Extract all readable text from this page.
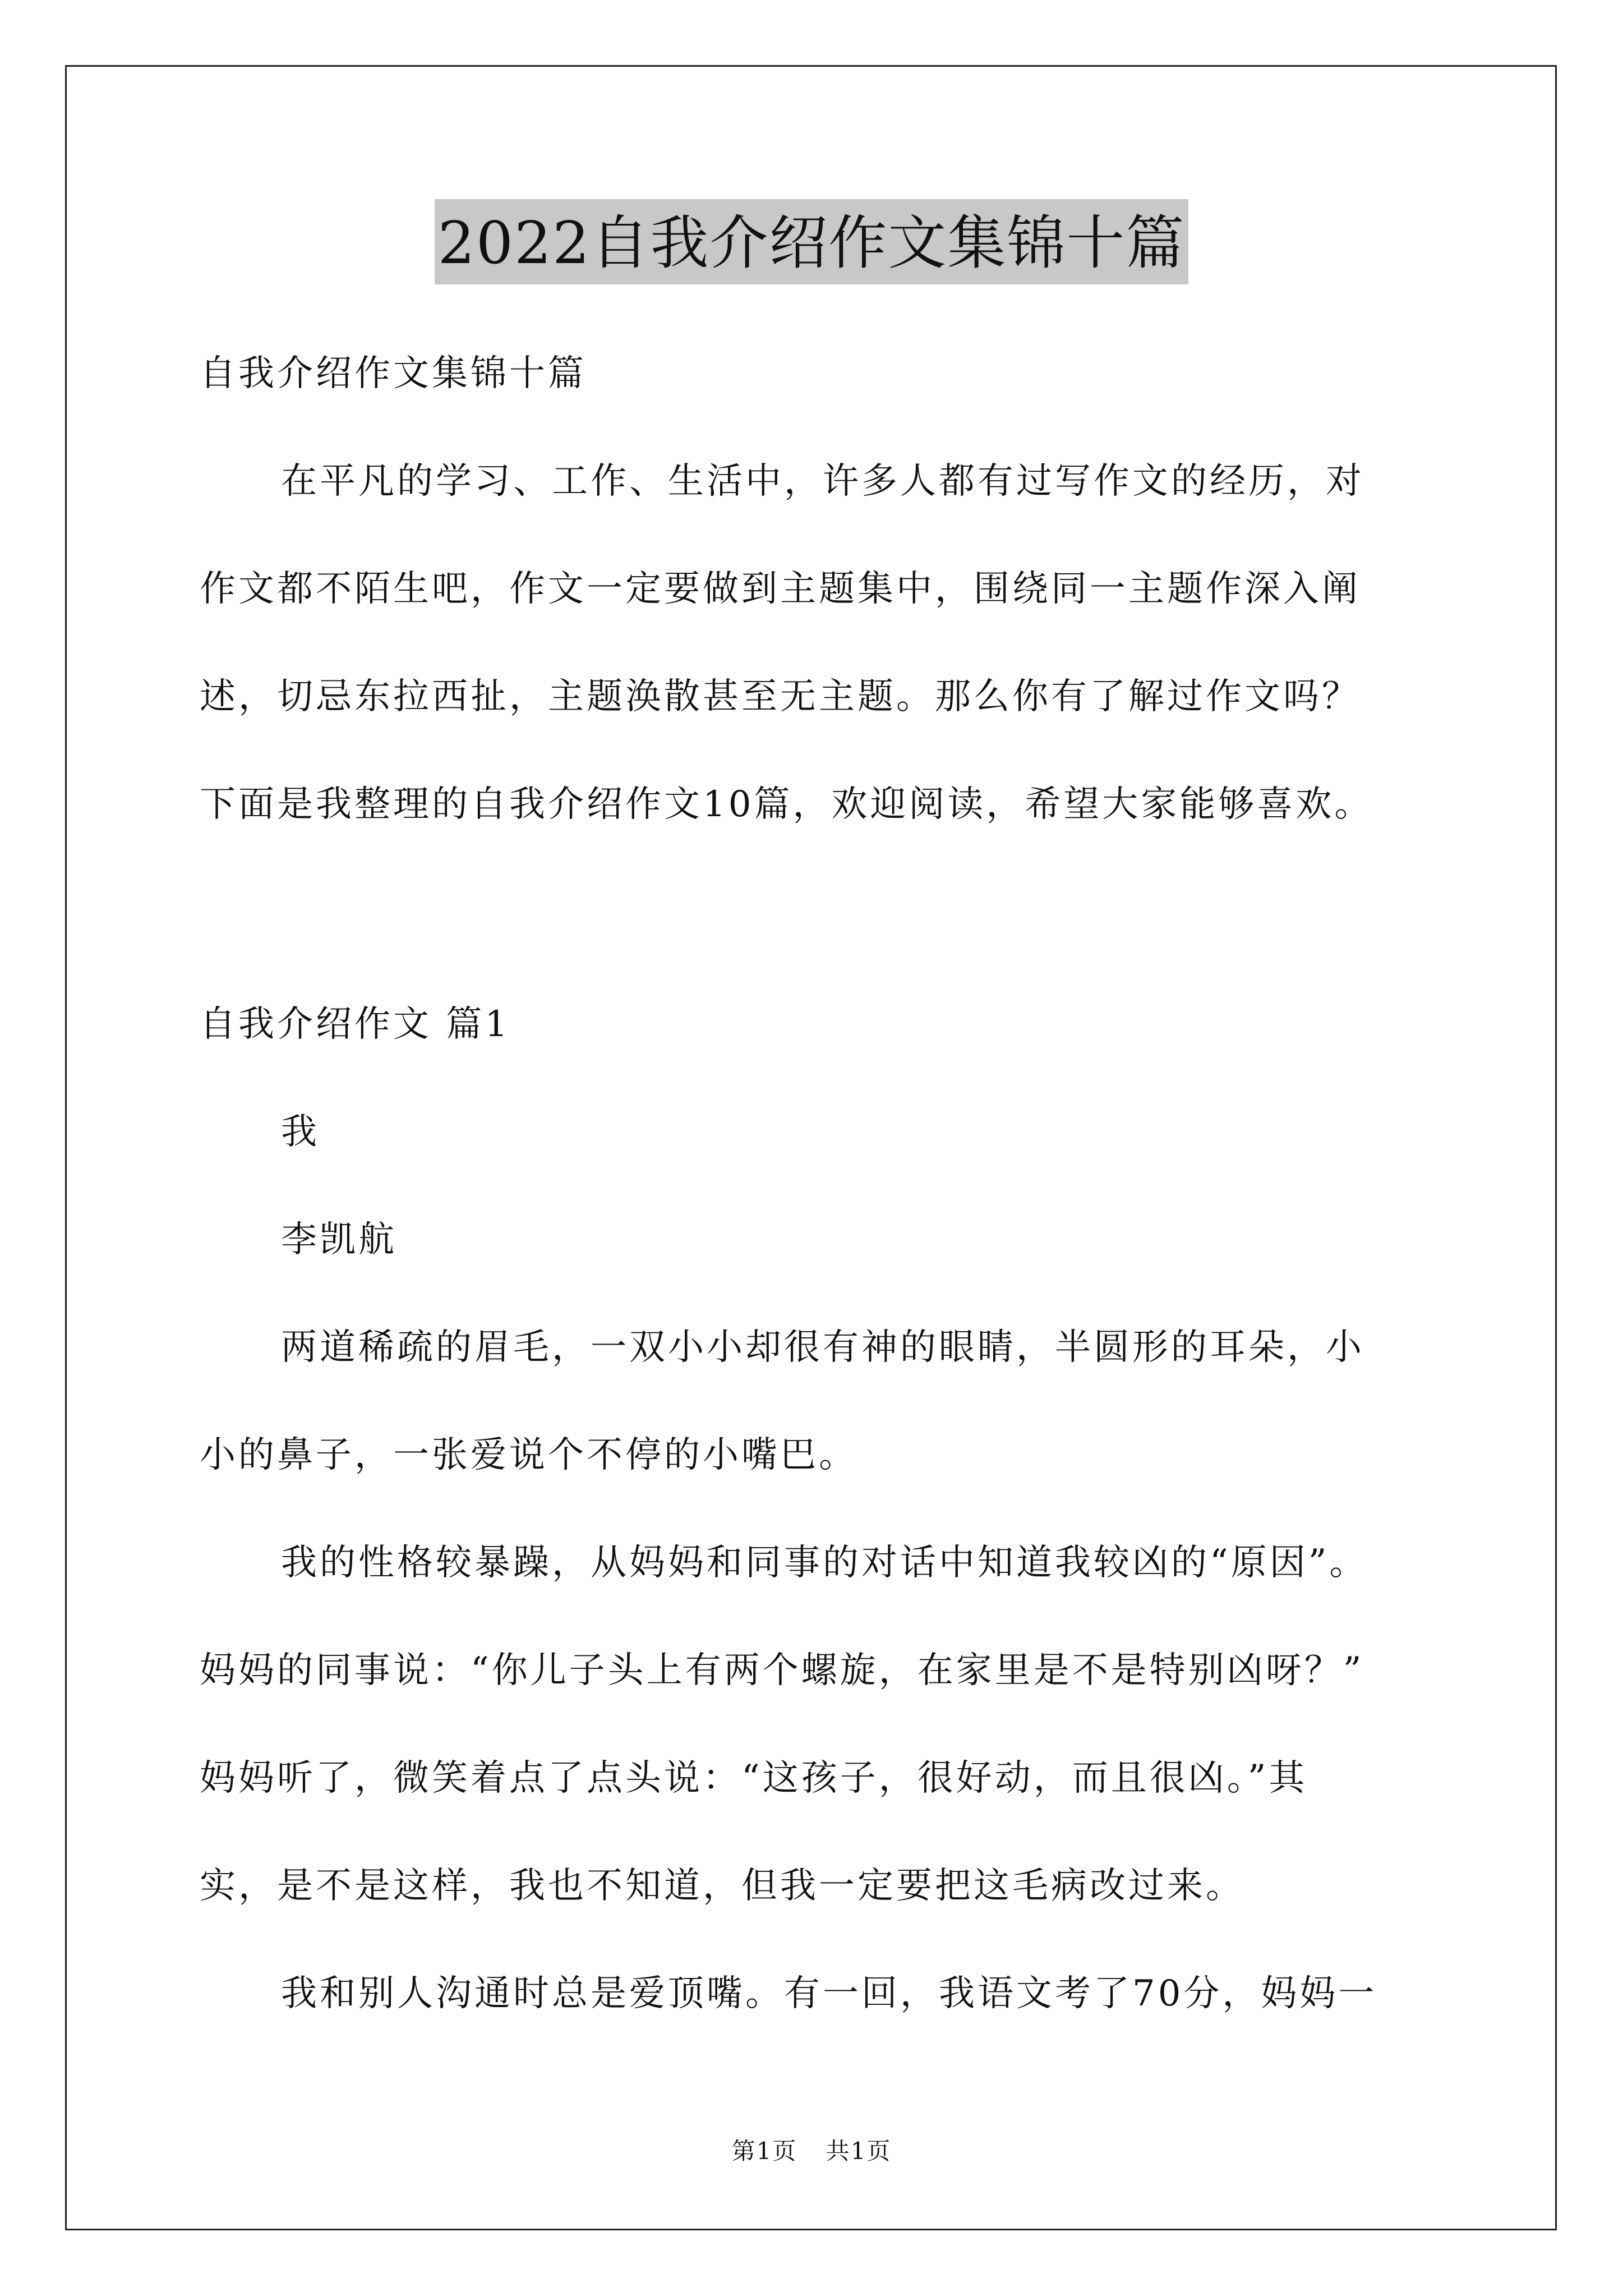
2022自我介绍作文集锦十篇
自我介绍作文集锦十篇
在平凡的学习、工作、生活中，许多人都有过写作文的经历，对
作文都不陌生吧，作文一定要做到主题集中，围绕同一主题作深入阐
述，切忌东拉西扯，主题涣散甚至无主题。那么你有了解过作文吗？
下面是我整理的自我介绍作文10篇，欢迎阅读，希望大家能够喜欢。
自我介绍作文 篇1
我
李凯航
两道稀疏的眉毛，一双小小却很有神的眼睛，半圆形的耳朵，小
小的鼻子，一张爱说个不停的小嘴巴。
我的性格较暴躁，从妈妈和同事的对话中知道我较凶的“原因”。
妈妈的同事说：“你儿子头上有两个螺旋，在家里是不是特别凶呀？”
妈妈听了，微笑着点了点头说：“这孩子，很好动，而且很凶。”其
实，是不是这样，我也不知道，但我一定要把这毛病改过来。
我和别人沟通时总是爱顶嘴。有一回，我语文考了70分，妈妈一
第1页 共1页
